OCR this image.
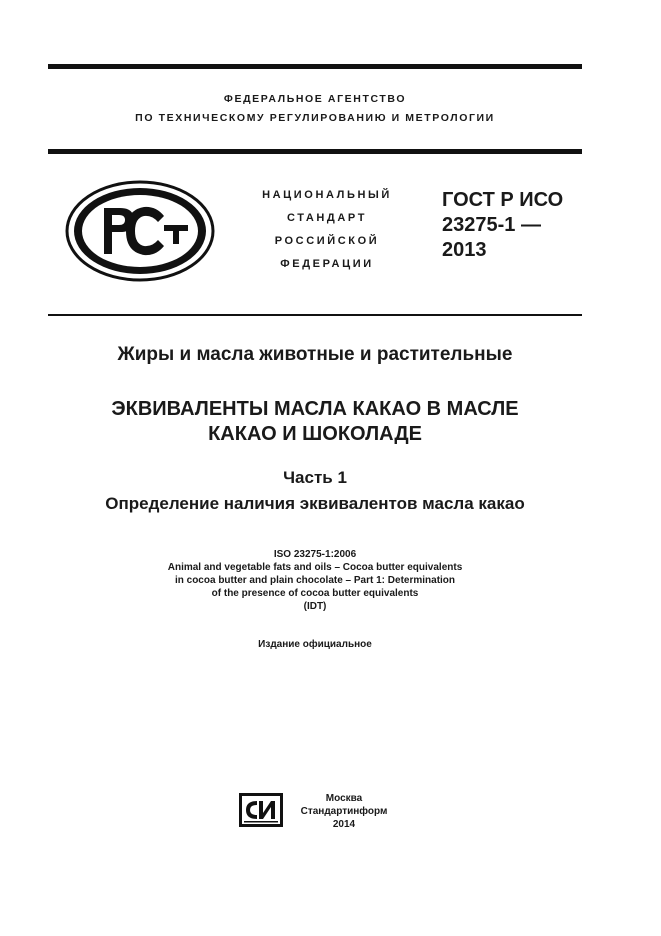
ФЕДЕРАЛЬНОЕ АГЕНТСТВО
ПО ТЕХНИЧЕСКОМУ РЕГУЛИРОВАНИЮ И МЕТРОЛОГИИ
НАЦИОНАЛЬНЫЙ
СТАНДАРТ
РОССИЙСКОЙ
ФЕДЕРАЦИИ
ГОСТ Р ИСО
23275-1 —
2013
Жиры и масла животные и растительные
ЭКВИВАЛЕНТЫ МАСЛА КАКАО В МАСЛЕ
КАКАО И ШОКОЛАДЕ
Часть 1
Определение наличия эквивалентов масла какао
ISO 23275-1:2006
Animal and vegetable fats and oils – Cocoa butter equivalents
in cocoa butter and plain chocolate – Part 1: Determination
of the presence of cocoa butter equivalents
(IDT)
Издание официальное
Москва
Стандартинформ
2014
